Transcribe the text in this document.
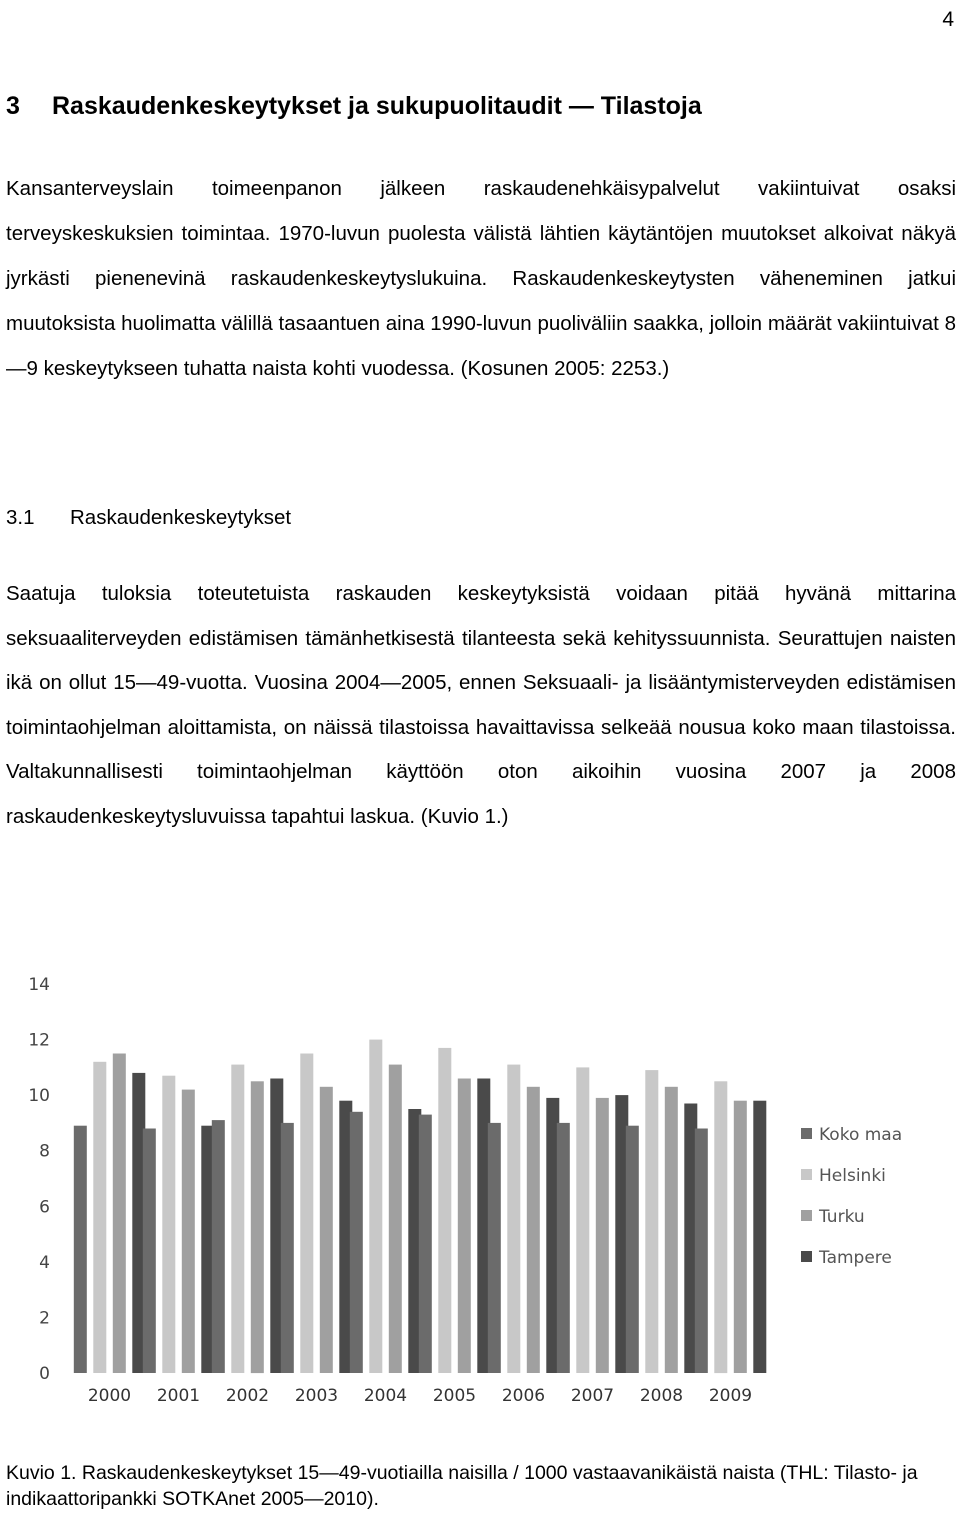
4
3 Raskaudenkeskeytykset ja sukupuolitaudit — Tilastoja

Kansanterveyslain toimeenpanon jälkeen raskaudenehkäisypalvelut vakiintuivat osaksi terveyskeskuksien toimintaa. 1970-luvun puolesta välistä lähtien käytäntöjen muutokset alkoivat näkyä jyrkästi pienenevinä raskaudenkeskeytyslukuina. Raskaudenkeskeytysten väheneminen jatkui muutoksista huolimatta välillä tasaantuen aina 1990-luvun puoliväliin saakka, jolloin määrät vakiintuivat 8—9 keskeytykseen tuhatta naista kohti vuodessa. (Kosunen 2005: 2253.)

3.1 Raskaudenkeskeytykset

Saatuja tuloksia toteutetuista raskauden keskeytyksistä voidaan pitää hyvänä mittarina seksuaaliterveyden edistämisen tämänhetkisestä tilanteesta sekä kehityssuunnista. Seurattujen naisten ikä on ollut 15—49-vuotta. Vuosina 2004—2005, ennen Seksuaali- ja lisääntymisterveyden edistämisen toimintaohjelman aloittamista, on näissä tilastoissa havaittavissa selkeää nousua koko maan tilastoissa. Valtakunnallisesti toimintaohjelman käyttöön oton aikoihin vuosina 2007 ja 2008 raskaudenkeskeytysluvuissa tapahtui laskua. (Kuvio 1.)

0
2
4
6
8
10
12
14
2000 2001 2002 2003 2004 2005 2006 2007 2008 2009
Koko maa
Helsinki
Turku
Tampere

Kuvio 1. Raskaudenkeskeytykset 15—49-vuotiailla naisilla / 1000 vastaavanikäistä naista (THL: Tilasto- ja indikaattoripankki SOTKAnet 2005—2010).
